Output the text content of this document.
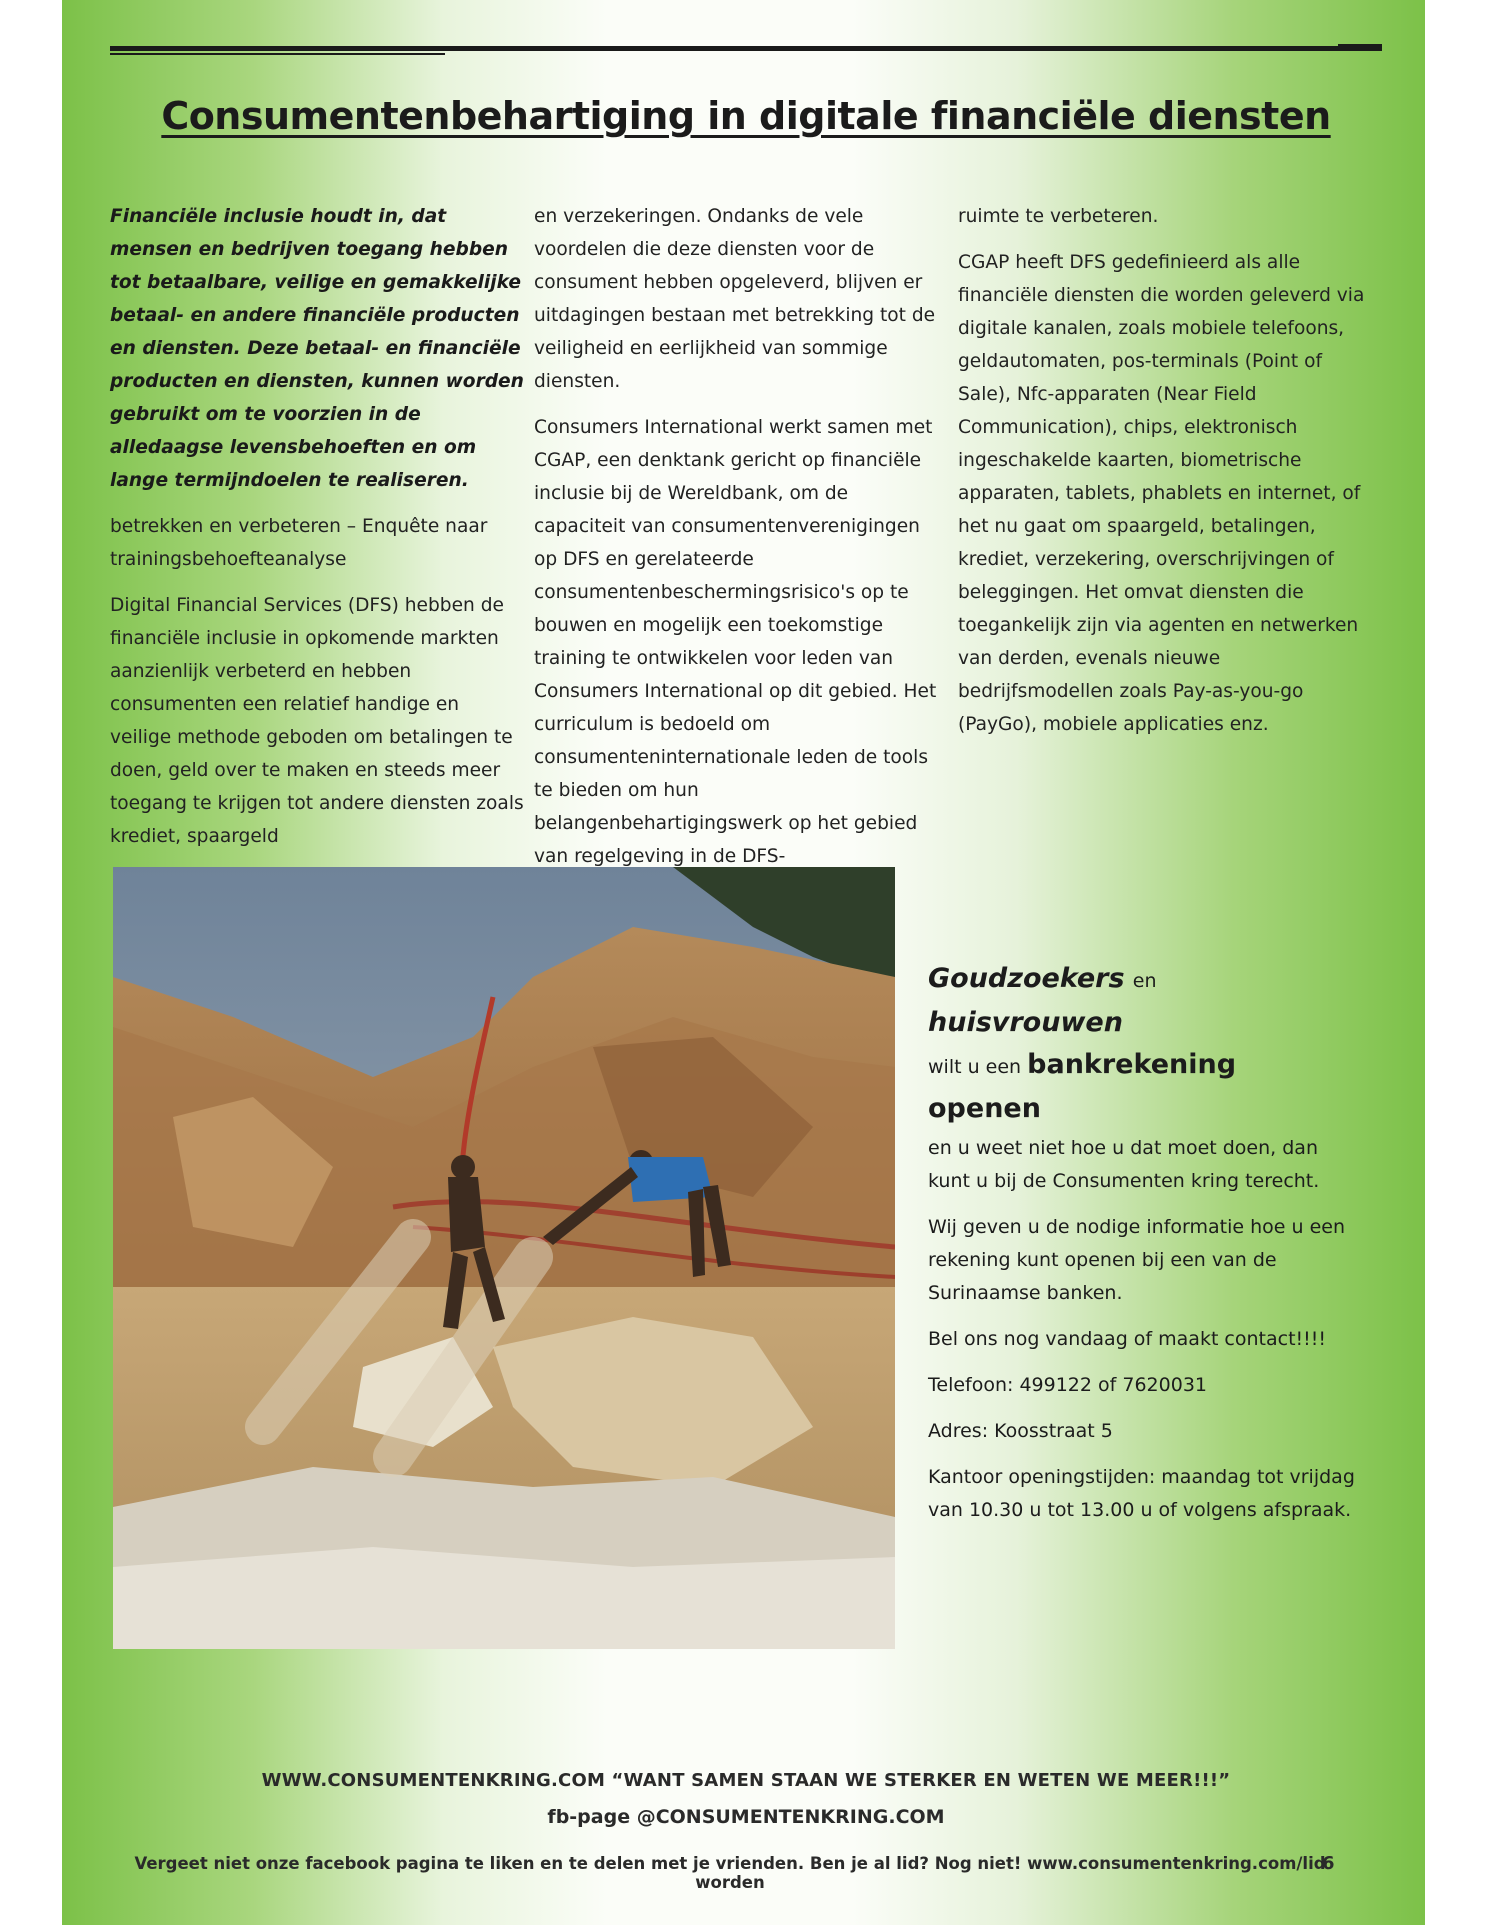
Consumentenbehartiging in digitale financiële diensten

Financiële inclusie houdt in, dat mensen en bedrijven toegang hebben tot betaalbare, veilige en gemakkelijke betaal- en andere financiële producten en diensten. Deze betaal- en financiële producten en diensten, kunnen worden gebruikt om te voorzien in de alledaagse levensbehoeften en om lange termijndoelen te realiseren.

betrekken en verbeteren – Enquête naar trainingsbehoefteanalyse

Digital Financial Services (DFS) hebben de financiële inclusie in opkomende markten aanzienlijk verbeterd en hebben consumenten een relatief handige en veilige methode geboden om betalingen te doen, geld over te maken en steeds meer toegang te krijgen tot andere diensten zoals krediet, spaargeld

en verzekeringen. Ondanks de vele voordelen die deze diensten voor de consument hebben opgeleverd, blijven er uitdagingen bestaan met betrekking tot de veiligheid en eerlijkheid van sommige diensten.

Consumers International werkt samen met CGAP, een denktank gericht op financiële inclusie bij de Wereldbank, om de capaciteit van consumentenverenigingen op DFS en gerelateerde consumentenbeschermingsrisico's op te bouwen en mogelijk een toekomstige training te ontwikkelen voor leden van Consumers International op dit gebied. Het curriculum is bedoeld om consumenteninternationale leden de tools te bieden om hun belangenbehartigingswerk op het gebied van regelgeving in de DFS-

ruimte te verbeteren.

CGAP heeft DFS gedefinieerd als alle financiële diensten die worden geleverd via digitale kanalen, zoals mobiele telefoons, geldautomaten, pos-terminals (Point of Sale), Nfc-apparaten (Near Field Communication), chips, elektronisch ingeschakelde kaarten, biometrische apparaten, tablets, phablets en internet, of het nu gaat om spaargeld, betalingen, krediet, verzekering, overschrijvingen of beleggingen. Het omvat diensten die toegankelijk zijn via agenten en netwerken van derden, evenals nieuwe bedrijfsmodellen zoals Pay-as-you-go (PayGo), mobiele applicaties enz.

Goudzoekers en huisvrouwen
wilt u een bankrekening openen

en u weet niet hoe u dat moet doen, dan kunt u bij de Consumenten kring terecht.

Wij geven u de nodige informatie hoe u een rekening kunt openen bij een van de Surinaamse banken.

Bel ons nog vandaag of maakt contact!!!!

Telefoon: 499122 of 7620031

Adres: Koosstraat 5

Kantoor openingstijden: maandag tot vrijdag van 10.30 u tot 13.00 u of volgens afspraak.

WWW.CONSUMENTENKRING.COM “WANT SAMEN STAAN WE STERKER EN WETEN WE MEER!!!”
fb-page @CONSUMENTENKRING.COM
Vergeet niet onze facebook pagina te liken en te delen met je vrienden. Ben je al lid? Nog niet! www.consumentenkring.com/lid worden
6
